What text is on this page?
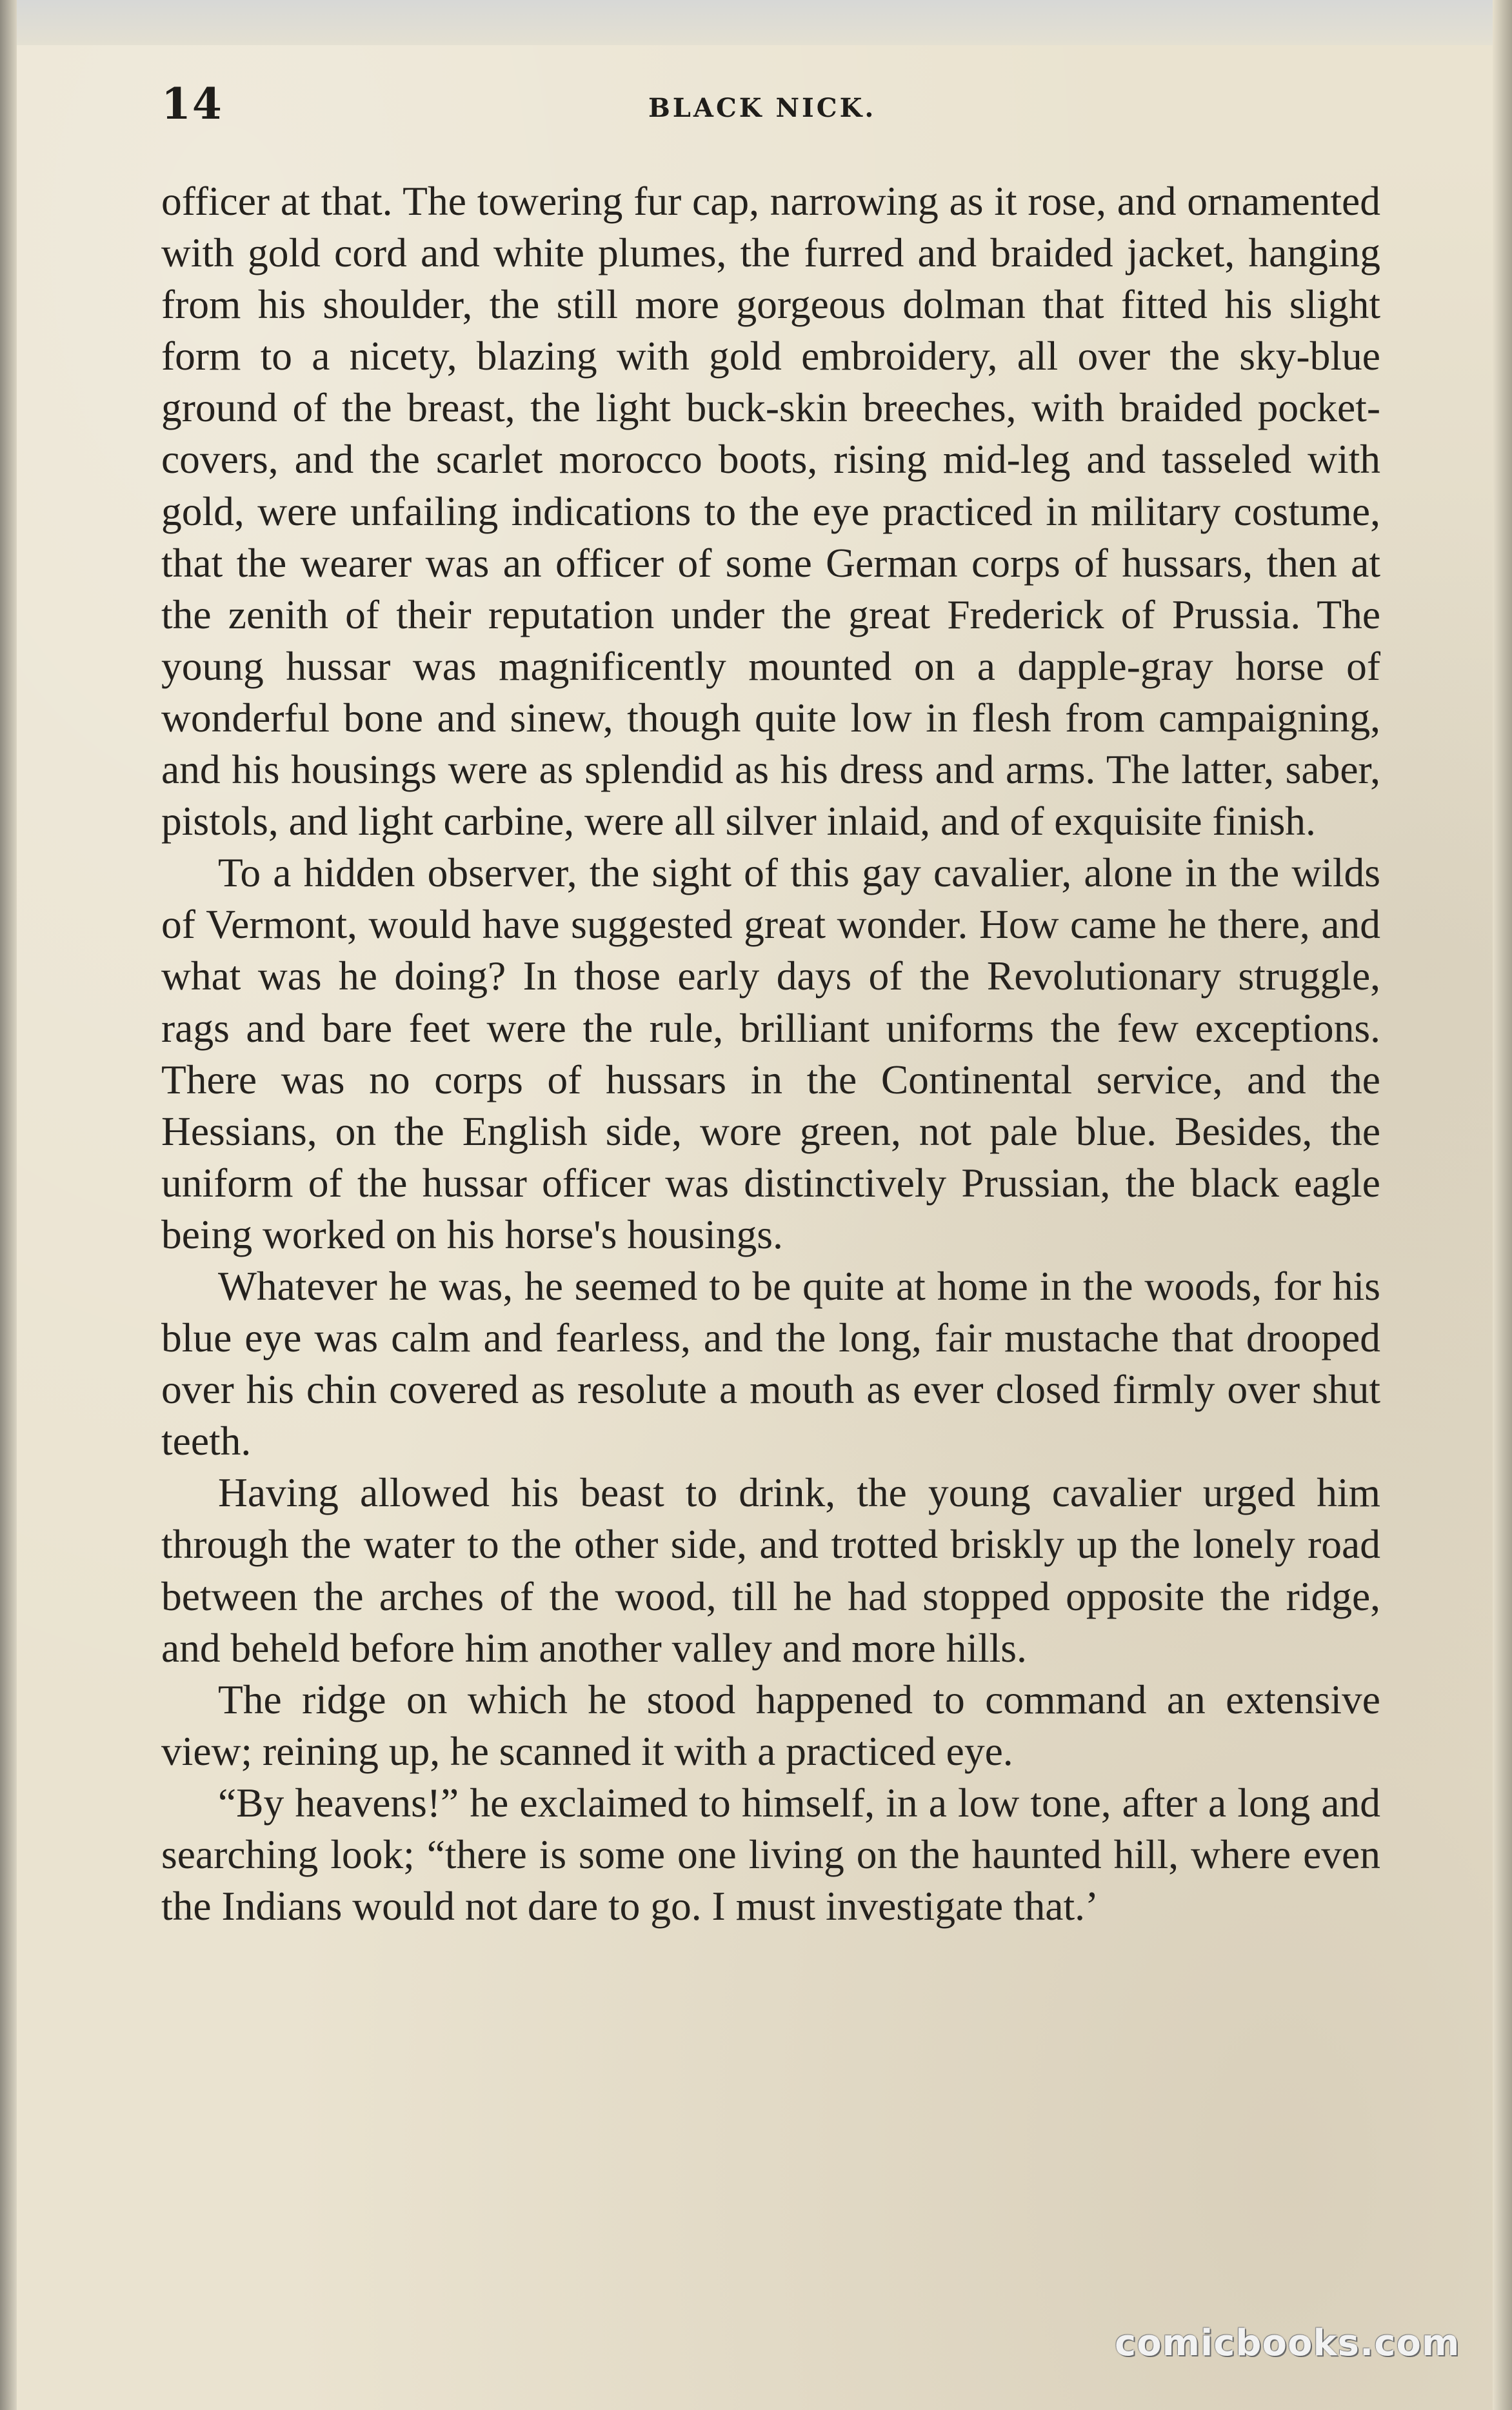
14	BLACK NICK.

officer at that. The towering fur cap, narrowing as it rose, and ornamented with gold cord and white plumes, the furred and braided jacket, hanging from his shoulder, the still more gorgeous dolman that fitted his slight form to a nicety, blazing with gold embroidery, all over the sky-blue ground of the breast, the light buck-skin breeches, with braided pocket-covers, and the scarlet morocco boots, rising mid-leg and tasseled with gold, were unfailing indications to the eye practiced in military costume, that the wearer was an officer of some German corps of hussars, then at the zenith of their reputation under the great Frederick of Prussia. The young hussar was magnificently mounted on a dapple-gray horse of wonderful bone and sinew, though quite low in flesh from campaigning, and his housings were as splendid as his dress and arms. The latter, saber, pistols, and light carbine, were all silver inlaid, and of exquisite finish.

To a hidden observer, the sight of this gay cavalier, alone in the wilds of Vermont, would have suggested great wonder. How came he there, and what was he doing? In those early days of the Revolutionary struggle, rags and bare feet were the rule, brilliant uniforms the few exceptions. There was no corps of hussars in the Continental service, and the Hessians, on the English side, wore green, not pale blue. Besides, the uniform of the hussar officer was distinctively Prussian, the black eagle being worked on his horse's housings.

Whatever he was, he seemed to be quite at home in the woods, for his blue eye was calm and fearless, and the long, fair mustache that drooped over his chin covered as resolute a mouth as ever closed firmly over shut teeth.

Having allowed his beast to drink, the young cavalier urged him through the water to the other side, and trotted briskly up the lonely road between the arches of the wood, till he had stopped opposite the ridge, and beheld before him another valley and more hills.

The ridge on which he stood happened to command an extensive view; reining up, he scanned it with a practiced eye.

“By heavens!” he exclaimed to himself, in a low tone, after a long and searching look; “there is some one living on the haunted hill, where even the Indians would not dare to go. I must investigate that.’

comicbooks.com
